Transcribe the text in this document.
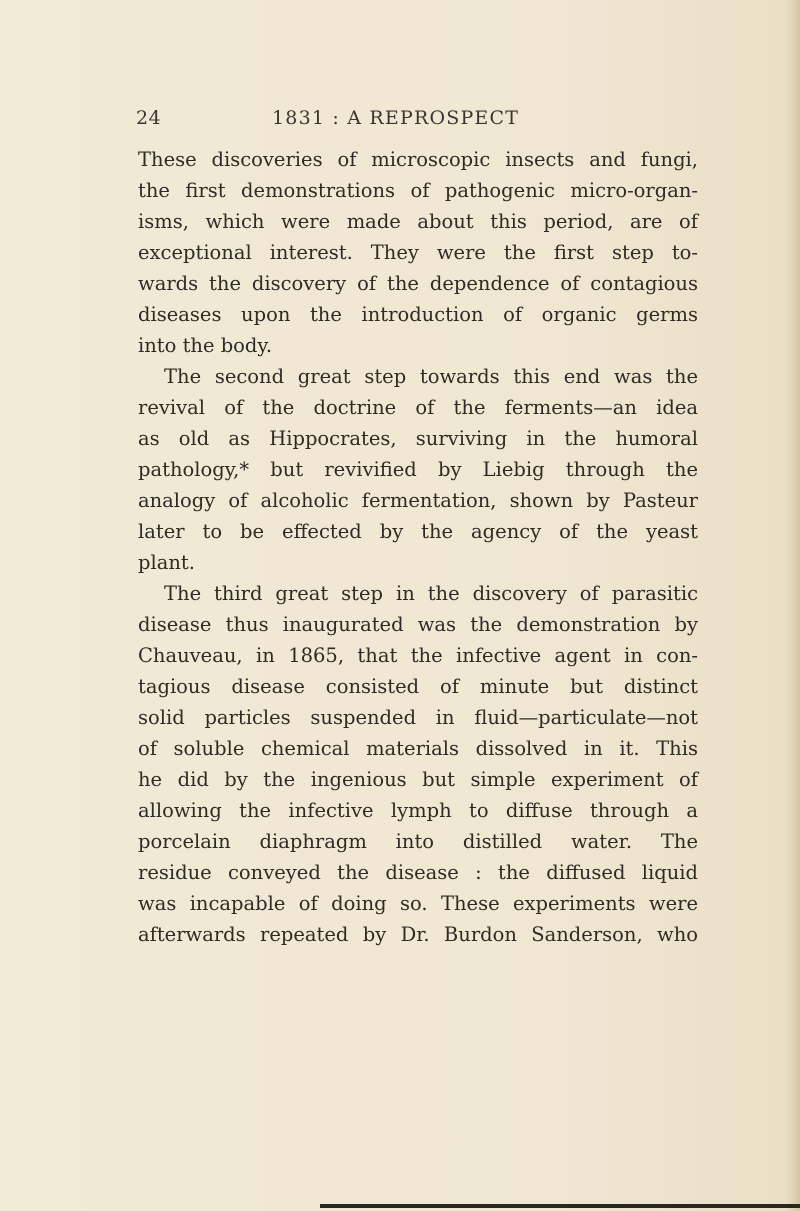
24	1831 : A REPROSPECT
These discoveries of microscopic insects and fungi,
the first demonstrations of pathogenic micro-organ-
isms, which were made about this period, are of
exceptional interest. They were the first step to-
wards the discovery of the dependence of contagious
diseases upon the introduction of organic germs
into the body.
The second great step towards this end was the
revival of the doctrine of the ferments—an idea
as old as Hippocrates, surviving in the humoral
pathology,* but revivified by Liebig through the
analogy of alcoholic fermentation, shown by Pasteur
later to be effected by the agency of the yeast
plant.
The third great step in the discovery of parasitic
disease thus inaugurated was the demonstration by
Chauveau, in 1865, that the infective agent in con-
tagious disease consisted of minute but distinct
solid particles suspended in fluid—particulate—not
of soluble chemical materials dissolved in it. This
he did by the ingenious but simple experiment of
allowing the infective lymph to diffuse through a
porcelain diaphragm into distilled water. The
residue conveyed the disease : the diffused liquid
was incapable of doing so. These experiments were
afterwards repeated by Dr. Burdon Sanderson, who
